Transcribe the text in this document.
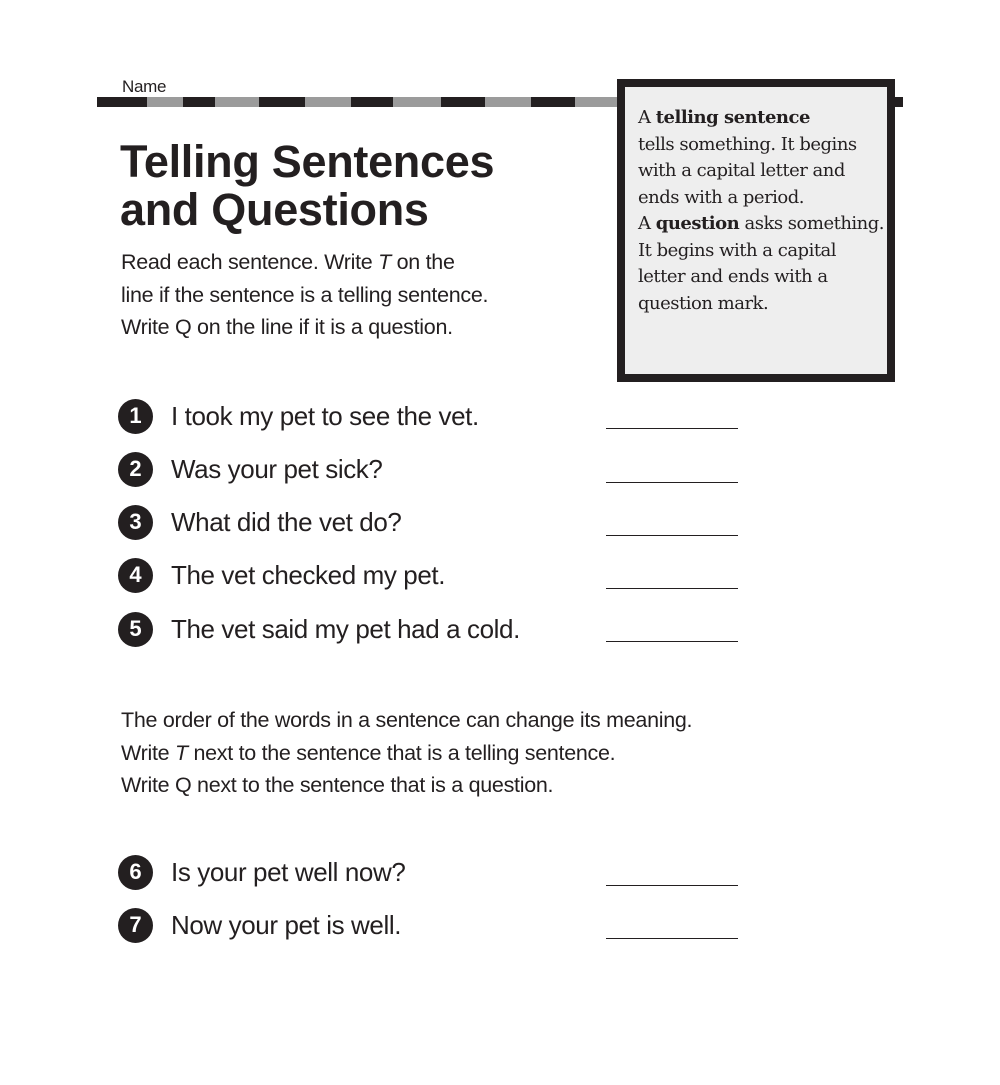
Name
Telling Sentences
and Questions

Read each sentence. Write T on the
line if the sentence is a telling sentence.
Write Q on the line if it is a question.

A telling sentence
tells something. It begins with a capital letter and ends with a period.

A question asks something. It begins with a capital letter and ends with a question mark.

1	I took my pet to see the vet.
2	Was your pet sick?
3	What did the vet do?
4	The vet checked my pet.
5	The vet said my pet had a cold.

The order of the words in a sentence can change its meaning.
Write T next to the sentence that is a telling sentence.
Write Q next to the sentence that is a question.

6	Is your pet well now?
7	Now your pet is well.
